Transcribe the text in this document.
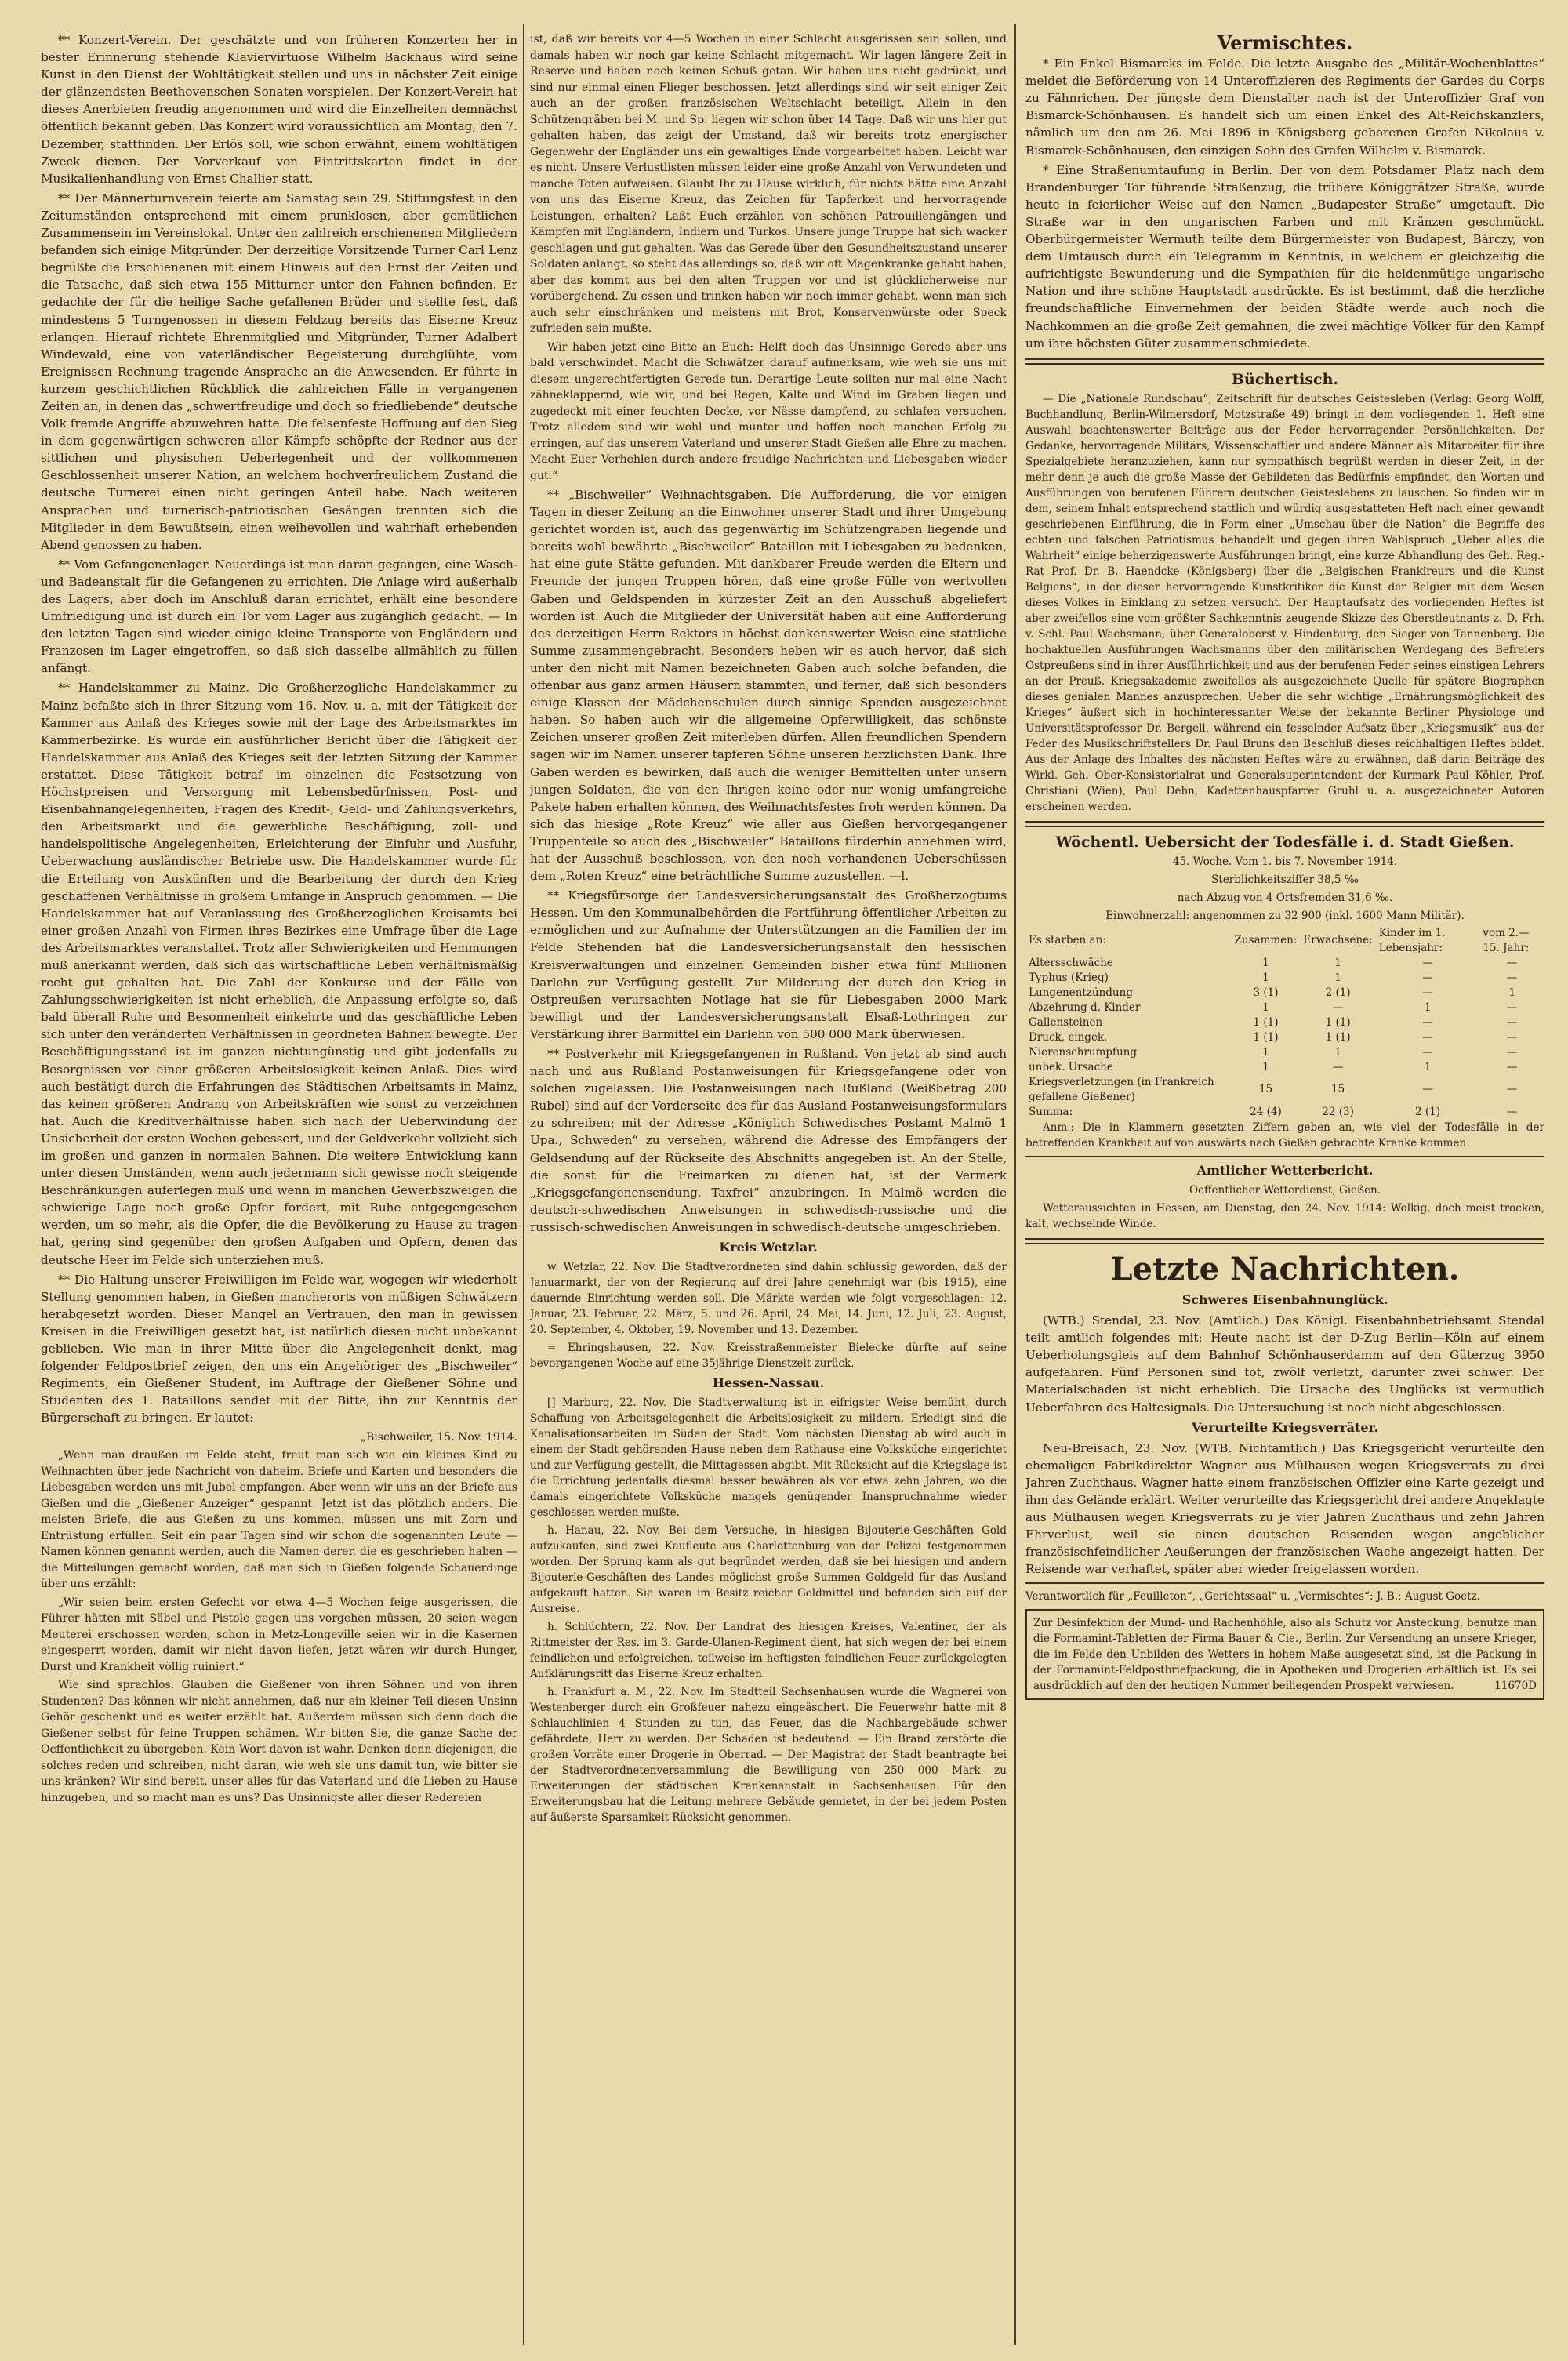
** Konzert-Verein. Der geschätzte und von früheren Konzerten her in bester Erinnerung stehende Klaviervirtuose Wilhelm Backhaus wird seine Kunst in den Dienst der Wohltätigkeit stellen und uns in nächster Zeit einige der glänzendsten Beethovenschen Sonaten vorspielen. Der Konzert-Verein hat dieses Anerbieten freudig angenommen und wird die Einzelheiten demnächst öffentlich bekannt geben. Das Konzert wird voraussichtlich am Montag, den 7. Dezember, stattfinden. Der Erlös soll, wie schon erwähnt, einem wohltätigen Zweck dienen. Der Vorverkauf von Eintrittskarten findet in der Musikalienhandlung von Ernst Challier statt.

** Der Männerturnverein feierte am Samstag sein 29. Stiftungsfest in den Zeitumständen entsprechend mit einem prunklosen, aber gemütlichen Zusammensein im Vereinslokal. Unter den zahlreich erschienenen Mitgliedern befanden sich einige Mitgründer. Der derzeitige Vorsitzende Turner Carl Lenz begrüßte die Erschienenen mit einem Hinweis auf den Ernst der Zeiten und die Tatsache, daß sich etwa 155 Mitturner unter den Fahnen befinden. Er gedachte der für die heilige Sache gefallenen Brüder und stellte fest, daß mindestens 5 Turngenossen in diesem Feldzug bereits das Eiserne Kreuz erlangen. Hierauf richtete Ehrenmitglied und Mitgründer, Turner Adalbert Windewald, eine von vaterländischer Begeisterung durchglühte, vom Ereignissen Rechnung tragende Ansprache an die Anwesenden. Er führte in kurzem geschichtlichen Rückblick die zahlreichen Fälle in vergangenen Zeiten an, in denen das „schwertfreudige und doch so friedliebende“ deutsche Volk fremde Angriffe abzuwehren hatte. Die felsenfeste Hoffnung auf den Sieg in dem gegenwärtigen schweren aller Kämpfe schöpfte der Redner aus der sittlichen und physischen Ueberlegenheit und der vollkommenen Geschlossenheit unserer Nation, an welchem hochverfreulichem Zustand die deutsche Turnerei einen nicht geringen Anteil habe. Nach weiteren Ansprachen und turnerisch-patriotischen Gesängen trennten sich die Mitglieder in dem Bewußtsein, einen weihevollen und wahrhaft erhebenden Abend genossen zu haben.

** Vom Gefangenenlager. Neuerdings ist man daran gegangen, eine Wasch- und Badeanstalt für die Gefangenen zu errichten. Die Anlage wird außerhalb des Lagers, aber doch im Anschluß daran errichtet, erhält eine besondere Umfriedigung und ist durch ein Tor vom Lager aus zugänglich gedacht. — In den letzten Tagen sind wieder einige kleine Transporte von Engländern und Franzosen im Lager eingetroffen, so daß sich dasselbe allmählich zu füllen anfängt.

** Handelskammer zu Mainz. Die Großherzogliche Handelskammer zu Mainz befaßte sich in ihrer Sitzung vom 16. Nov. u. a. mit der Tätigkeit der Kammer aus Anlaß des Krieges sowie mit der Lage des Arbeitsmarktes im Kammerbezirke. Es wurde ein ausführlicher Bericht über die Tätigkeit der Handelskammer aus Anlaß des Krieges seit der letzten Sitzung der Kammer erstattet. Diese Tätigkeit betraf im einzelnen die Festsetzung von Höchstpreisen und Versorgung mit Lebensbedürfnissen, Post- und Eisenbahnangelegenheiten, Fragen des Kredit-, Geld- und Zahlungsverkehrs, den Arbeitsmarkt und die gewerbliche Beschäftigung, zoll- und handelspolitische Angelegenheiten, Erleichterung der Einfuhr und Ausfuhr, Ueberwachung ausländischer Betriebe usw. Die Handelskammer wurde für die Erteilung von Auskünften und die Bearbeitung der durch den Krieg geschaffenen Verhältnisse in großem Umfange in Anspruch genommen. — Die Handelskammer hat auf Veranlassung des Großherzoglichen Kreisamts bei einer großen Anzahl von Firmen ihres Bezirkes eine Umfrage über die Lage des Arbeitsmarktes veranstaltet. Trotz aller Schwierigkeiten und Hemmungen muß anerkannt werden, daß sich das wirtschaftliche Leben verhältnismäßig recht gut gehalten hat. Die Zahl der Konkurse und der Fälle von Zahlungsschwierigkeiten ist nicht erheblich, die Anpassung erfolgte so, daß bald überall Ruhe und Besonnenheit einkehrte und das geschäftliche Leben sich unter den veränderten Verhältnissen in geordneten Bahnen bewegte. Der Beschäftigungsstand ist im ganzen nichtungünstig und gibt jedenfalls zu Besorgnissen vor einer größeren Arbeitslosigkeit keinen Anlaß. Dies wird auch bestätigt durch die Erfahrungen des Städtischen Arbeitsamts in Mainz, das keinen größeren Andrang von Arbeitskräften wie sonst zu verzeichnen hat. Auch die Kreditverhältnisse haben sich nach der Ueberwindung der Unsicherheit der ersten Wochen gebessert, und der Geldverkehr vollzieht sich im großen und ganzen in normalen Bahnen. Die weitere Entwicklung kann unter diesen Umständen, wenn auch jedermann sich gewisse noch steigende Beschränkungen auferlegen muß und wenn in manchen Gewerbszweigen die schwierige Lage noch große Opfer fordert, mit Ruhe entgegengesehen werden, um so mehr, als die Opfer, die die Bevölkerung zu Hause zu tragen hat, gering sind gegenüber den großen Aufgaben und Opfern, denen das deutsche Heer im Felde sich unterziehen muß.

** Die Haltung unserer Freiwilligen im Felde war, wogegen wir wiederholt Stellung genommen haben, in Gießen mancherorts von müßigen Schwätzern herabgesetzt worden. Dieser Mangel an Vertrauen, den man in gewissen Kreisen in die Freiwilligen gesetzt hat, ist natürlich diesen nicht unbekannt geblieben. Wie man in ihrer Mitte über die Angelegenheit denkt, mag folgender Feldpostbrief zeigen, den uns ein Angehöriger des „Bischweiler“ Regiments, ein Gießener Student, im Auftrage der Gießener Söhne und Studenten des 1. Bataillons sendet mit der Bitte, ihn zur Kenntnis der Bürgerschaft zu bringen. Er lautet:

„Bischweiler, 15. Nov. 1914.

„Wenn man draußen im Felde steht, freut man sich wie ein kleines Kind zu Weihnachten über jede Nachricht von daheim. Briefe und Karten und besonders die Liebesgaben werden uns mit Jubel empfangen. Aber wenn wir uns an der Briefe aus Gießen und die „Gießener Anzeiger“ gespannt. Jetzt ist das plötzlich anders. Die meisten Briefe, die aus Gießen zu uns kommen, müssen uns mit Zorn und Entrüstung erfüllen. Seit ein paar Tagen sind wir schon die sogenannten Leute — Namen können genannt werden, auch die Namen derer, die es geschrieben haben — die Mitteilungen gemacht worden, daß man sich in Gießen folgende Schauerdinge über uns erzählt:

„Wir seien beim ersten Gefecht vor etwa 4—5 Wochen feige ausgerissen, die Führer hätten mit Säbel und Pistole gegen uns vorgehen müssen, 20 seien wegen Meuterei erschossen worden, schon in Metz-Longeville seien wir in die Kasernen eingesperrt worden, damit wir nicht davon liefen, jetzt wären wir durch Hunger, Durst und Krankheit völlig ruiniert.“

Wie sind sprachlos. Glauben die Gießener von ihren Söhnen und von ihren Studenten? Das können wir nicht annehmen, daß nur ein kleiner Teil diesen Unsinn Gehör geschenkt und es weiter erzählt hat. Außerdem müssen sich denn doch die Gießener selbst für feine Truppen schämen. Wir bitten Sie, die ganze Sache der Oeffentlichkeit zu übergeben. Kein Wort davon ist wahr. Denken denn diejenigen, die solches reden und schreiben, nicht daran, wie weh sie uns damit tun, wie bitter sie uns kränken? Wir sind bereit, unser alles für das Vaterland und die Lieben zu Hause hinzugeben, und so macht man es uns? Das Unsinnigste aller dieser Redereien

ist, daß wir bereits vor 4—5 Wochen in einer Schlacht ausgerissen sein sollen, und damals haben wir noch gar keine Schlacht mitgemacht. Wir lagen längere Zeit in Reserve und haben noch keinen Schuß getan. Wir haben uns nicht gedrückt, und sind nur einmal einen Flieger beschossen. Jetzt allerdings sind wir seit einiger Zeit auch an der großen französischen Weltschlacht beteiligt. Allein in den Schützengräben bei M. und Sp. liegen wir schon über 14 Tage. Daß wir uns hier gut gehalten haben, das zeigt der Umstand, daß wir bereits trotz energischer Gegenwehr der Engländer uns ein gewaltiges Ende vorgearbeitet haben. Leicht war es nicht. Unsere Verlustlisten müssen leider eine große Anzahl von Verwundeten und manche Toten aufweisen. Glaubt Ihr zu Hause wirklich, für nichts hätte eine Anzahl von uns das Eiserne Kreuz, das Zeichen für Tapferkeit und hervorragende Leistungen, erhalten? Laßt Euch erzählen von schönen Patrouillengängen und Kämpfen mit Engländern, Indiern und Turkos. Unsere junge Truppe hat sich wacker geschlagen und gut gehalten. Was das Gerede über den Gesundheitszustand unserer Soldaten anlangt, so steht das allerdings so, daß wir oft Magenkranke gehabt haben, aber das kommt aus bei den alten Truppen vor und ist glücklicherweise nur vorübergehend. Zu essen und trinken haben wir noch immer gehabt, wenn man sich auch sehr einschränken und meistens mit Brot, Konservenwürste oder Speck zufrieden sein mußte.

Wir haben jetzt eine Bitte an Euch: Helft doch das Unsinnige Gerede aber uns bald verschwindet. Macht die Schwätzer darauf aufmerksam, wie weh sie uns mit diesem ungerechtfertigten Gerede tun. Derartige Leute sollten nur mal eine Nacht zähneklappernd, wie wir, und bei Regen, Kälte und Wind im Graben liegen und zugedeckt mit einer feuchten Decke, vor Nässe dampfend, zu schlafen versuchen. Trotz alledem sind wir wohl und munter und hoffen noch manchen Erfolg zu erringen, auf das unserem Vaterland und unserer Stadt Gießen alle Ehre zu machen. Macht Euer Verhehlen durch andere freudige Nachrichten und Liebesgaben wieder gut.“

** „Bischweiler“ Weihnachtsgaben. Die Aufforderung, die vor einigen Tagen in dieser Zeitung an die Einwohner unserer Stadt und ihrer Umgebung gerichtet worden ist, auch das gegenwärtig im Schützengraben liegende und bereits wohl bewährte „Bischweiler“ Bataillon mit Liebesgaben zu bedenken, hat eine gute Stätte gefunden. Mit dankbarer Freude werden die Eltern und Freunde der jungen Truppen hören, daß eine große Fülle von wertvollen Gaben und Geldspenden in kürzester Zeit an den Ausschuß abgeliefert worden ist. Auch die Mitglieder der Universität haben auf eine Aufforderung des derzeitigen Herrn Rektors in höchst dankenswerter Weise eine stattliche Summe zusammengebracht. Besonders heben wir es auch hervor, daß sich unter den nicht mit Namen bezeichneten Gaben auch solche befanden, die offenbar aus ganz armen Häusern stammten, und ferner, daß sich besonders einige Klassen der Mädchenschulen durch sinnige Spenden ausgezeichnet haben. So haben auch wir die allgemeine Opferwilligkeit, das schönste Zeichen unserer großen Zeit miterleben dürfen. Allen freundlichen Spendern sagen wir im Namen unserer tapferen Söhne unseren herzlichsten Dank. Ihre Gaben werden es bewirken, daß auch die weniger Bemittelten unter unsern jungen Soldaten, die von den Ihrigen keine oder nur wenig umfangreiche Pakete haben erhalten können, des Weihnachtsfestes froh werden können. Da sich das hiesige „Rote Kreuz“ wie aller aus Gießen hervorgegangener Truppenteile so auch des „Bischweiler“ Bataillons fürderhin annehmen wird, hat der Ausschuß beschlossen, von den noch vorhandenen Ueberschüssen dem „Roten Kreuz“ eine beträchtliche Summe zuzustellen. —l.

** Kriegsfürsorge der Landesversicherungsanstalt des Großherzogtums Hessen. Um den Kommunalbehörden die Fortführung öffentlicher Arbeiten zu ermöglichen und zur Aufnahme der Unterstützungen an die Familien der im Felde Stehenden hat die Landesversicherungsanstalt den hessischen Kreisverwaltungen und einzelnen Gemeinden bisher etwa fünf Millionen Darlehn zur Verfügung gestellt. Zur Milderung der durch den Krieg in Ostpreußen verursachten Notlage hat sie für Liebesgaben 2000 Mark bewilligt und der Landesversicherungsanstalt Elsaß-Lothringen zur Verstärkung ihrer Barmittel ein Darlehn von 500 000 Mark überwiesen.

** Postverkehr mit Kriegsgefangenen in Rußland. Von jetzt ab sind auch nach und aus Rußland Postanweisungen für Kriegsgefangene oder von solchen zugelassen. Die Postanweisungen nach Rußland (Weißbetrag 200 Rubel) sind auf der Vorderseite des für das Ausland Postanweisungsformulars zu schreiben; mit der Adresse „Königlich Schwedisches Postamt Malmö 1 Upa., Schweden“ zu versehen, während die Adresse des Empfängers der Geldsendung auf der Rückseite des Abschnitts angegeben ist. An der Stelle, die sonst für die Freimarken zu dienen hat, ist der Vermerk „Kriegsgefangenensendung. Taxfrei“ anzubringen. In Malmö werden die deutsch-schwedischen Anweisungen in schwedisch-russische und die russisch-schwedischen Anweisungen in schwedisch-deutsche umgeschrieben.

Kreis Wetzlar.

w. Wetzlar, 22. Nov. Die Stadtverordneten sind dahin schlüssig geworden, daß der Januarmarkt, der von der Regierung auf drei Jahre genehmigt war (bis 1915), eine dauernde Einrichtung werden soll. Die Märkte werden wie folgt vorgeschlagen: 12. Januar, 23. Februar, 22. März, 5. und 26. April, 24. Mai, 14. Juni, 12. Juli, 23. August, 20. September, 4. Oktober, 19. November und 13. Dezember.

= Ehringshausen, 22. Nov. Kreisstraßenmeister Bielecke dürfte auf seine bevorgangenen Woche auf eine 35jährige Dienstzeit zurück.

Hessen-Nassau.

[] Marburg, 22. Nov. Die Stadtverwaltung ist in eifrigster Weise bemüht, durch Schaffung von Arbeitsgelegenheit die Arbeitslosigkeit zu mildern. Erledigt sind die Kanalisationsarbeiten im Süden der Stadt. Vom nächsten Dienstag ab wird auch in einem der Stadt gehörenden Hause neben dem Rathause eine Volksküche eingerichtet und zur Verfügung gestellt, die Mittagessen abgibt. Mit Rücksicht auf die Kriegslage ist die Errichtung jedenfalls diesmal besser bewähren als vor etwa zehn Jahren, wo die damals eingerichtete Volksküche mangels genügender Inanspruchnahme wieder geschlossen werden mußte.

h. Hanau, 22. Nov. Bei dem Versuche, in hiesigen Bijouterie-Geschäften Gold aufzukaufen, sind zwei Kaufleute aus Charlottenburg von der Polizei festgenommen worden. Der Sprung kann als gut begründet werden, daß sie bei hiesigen und andern Bijouterie-Geschäften des Landes möglichst große Summen Goldgeld für das Ausland aufgekauft hatten. Sie waren im Besitz reicher Geldmittel und befanden sich auf der Ausreise.

h. Schlüchtern, 22. Nov. Der Landrat des hiesigen Kreises, Valentiner, der als Rittmeister der Res. im 3. Garde-Ulanen-Regiment dient, hat sich wegen der bei einem feindlichen und erfolgreichen, teilweise im heftigsten feindlichen Feuer zurückgelegten Aufklärungsritt das Eiserne Kreuz erhalten.

h. Frankfurt a. M., 22. Nov. Im Stadtteil Sachsenhausen wurde die Wagnerei von Westenberger durch ein Großfeuer nahezu eingeäschert. Die Feuerwehr hatte mit 8 Schlauchlinien 4 Stunden zu tun, das Feuer, das die Nachbargebäude schwer gefährdete, Herr zu werden. Der Schaden ist bedeutend. — Ein Brand zerstörte die großen Vorräte einer Drogerie in Oberrad. — Der Magistrat der Stadt beantragte bei der Stadtverordnetenversammlung die Bewilligung von 250 000 Mark zu Erweiterungen der städtischen Krankenanstalt in Sachsenhausen. Für den Erweiterungsbau hat die Leitung mehrere Gebäude gemietet, in der bei jedem Posten auf äußerste Sparsamkeit Rücksicht genommen.

Vermischtes.

* Ein Enkel Bismarcks im Felde. Die letzte Ausgabe des „Militär-Wochenblattes“ meldet die Beförderung von 14 Unteroffizieren des Regiments der Gardes du Corps zu Fähnrichen. Der jüngste dem Dienstalter nach ist der Unteroffizier Graf von Bismarck-Schönhausen. Es handelt sich um einen Enkel des Alt-Reichskanzlers, nämlich um den am 26. Mai 1896 in Königsberg geborenen Grafen Nikolaus v. Bismarck-Schönhausen, den einzigen Sohn des Grafen Wilhelm v. Bismarck.

* Eine Straßenumtaufung in Berlin. Der von dem Potsdamer Platz nach dem Brandenburger Tor führende Straßenzug, die frühere Königgrätzer Straße, wurde heute in feierlicher Weise auf den Namen „Budapester Straße“ umgetauft. Die Straße war in den ungarischen Farben und mit Kränzen geschmückt. Oberbürgermeister Wermuth teilte dem Bürgermeister von Budapest, Bárczy, von dem Umtausch durch ein Telegramm in Kenntnis, in welchem er gleichzeitig die aufrichtigste Bewunderung und die Sympathien für die heldenmütige ungarische Nation und ihre schöne Hauptstadt ausdrückte. Es ist bestimmt, daß die herzliche freundschaftliche Einvernehmen der beiden Städte werde auch noch die Nachkommen an die große Zeit gemahnen, die zwei mächtige Völker für den Kampf um ihre höchsten Güter zusammenschmiedete.

Büchertisch.

— Die „Nationale Rundschau“, Zeitschrift für deutsches Geistesleben (Verlag: Georg Wolff, Buchhandlung, Berlin-Wilmersdorf, Motzstraße 49) bringt in dem vorliegenden 1. Heft eine Auswahl beachtenswerter Beiträge aus der Feder hervorragender Persönlichkeiten. Der Gedanke, hervorragende Militärs, Wissenschaftler und andere Männer als Mitarbeiter für ihre Spezialgebiete heranzuziehen, kann nur sympathisch begrüßt werden in dieser Zeit, in der mehr denn je auch die große Masse der Gebildeten das Bedürfnis empfindet, den Worten und Ausführungen von berufenen Führern deutschen Geisteslebens zu lauschen. So finden wir in dem, seinem Inhalt entsprechend stattlich und würdig ausgestatteten Heft nach einer gewandt geschriebenen Einführung, die in Form einer „Umschau über die Nation“ die Begriffe des echten und falschen Patriotismus behandelt und gegen ihren Wahlspruch „Ueber alles die Wahrheit“ einige beherzigenswerte Ausführungen bringt, eine kurze Abhandlung des Geh. Reg.-Rat Prof. Dr. B. Haendcke (Königsberg) über die „Belgischen Frankireurs und die Kunst Belgiens“, in der dieser hervorragende Kunstkritiker die Kunst der Belgier mit dem Wesen dieses Volkes in Einklang zu setzen versucht. Der Hauptaufsatz des vorliegenden Heftes ist aber zweifellos eine vom größter Sachkenntnis zeugende Skizze des Oberstleutnants z. D. Frh. v. Schl. Paul Wachsmann, über Generaloberst v. Hindenburg, den Sieger von Tannenberg. Die hochaktuellen Ausführungen Wachsmanns über den militärischen Werdegang des Befreiers Ostpreußens sind in ihrer Ausführlichkeit und aus der berufenen Feder seines einstigen Lehrers an der Preuß. Kriegsakademie zweifellos als ausgezeichnete Quelle für spätere Biographen dieses genialen Mannes anzusprechen. Ueber die sehr wichtige „Ernährungsmöglichkeit des Krieges“ äußert sich in hochinteressanter Weise der bekannte Berliner Physiologe und Universitätsprofessor Dr. Bergell, während ein fesselnder Aufsatz über „Kriegsmusik“ aus der Feder des Musikschriftstellers Dr. Paul Bruns den Beschluß dieses reichhaltigen Heftes bildet. Aus der Anlage des Inhaltes des nächsten Heftes wäre zu erwähnen, daß darin Beiträge des Wirkl. Geh. Ober-Konsistorialrat und Generalsuperintendent der Kurmark Paul Köhler, Prof. Christiani (Wien), Paul Dehn, Kadettenhauspfarrer Gruhl u. a. ausgezeichneter Autoren erscheinen werden.

Wöchentl. Uebersicht der Todesfälle i. d. Stadt Gießen.

45. Woche. Vom 1. bis 7. November 1914.

Sterblichkeitsziffer 38,5 ‰

nach Abzug von 4 Ortsfremden 31,6 ‰.

Einwohnerzahl: angenommen zu 32 900 (inkl. 1600 Mann Militär).

Es starben an:	Zusammen:	Erwachsene:	Kinder im 1. Lebensjahr:	vom 2.—15. Jahr:
Altersschwäche	1	1	—	—
Typhus (Krieg)	1	1	—	—
Lungenentzündung	3 (1)	2 (1)	—	1
Abzehrung d. Kinder	1	—	1	—
Gallensteinen	1 (1)	1 (1)	—	—
Druck, eingek.	1 (1)	1 (1)	—	—
Nierenschrumpfung	1	1	—	—
unbek. Ursache	1	—	1	—
Kriegsverletzungen (in Frankreich gefallene Gießener)	15	15	—	—
Summa:	24 (4)	22 (3)	2 (1)	—

Anm.: Die in Klammern gesetzten Ziffern geben an, wie viel der Todesfälle in der betreffenden Krankheit auf von auswärts nach Gießen gebrachte Kranke kommen.

Amtlicher Wetterbericht.

Oeffentlicher Wetterdienst, Gießen.

Wetteraussichten in Hessen, am Dienstag, den 24. Nov. 1914: Wolkig, doch meist trocken, kalt, wechselnde Winde.

Letzte Nachrichten.
Schweres Eisenbahnunglück.

(WTB.) Stendal, 23. Nov. (Amtlich.) Das Königl. Eisenbahnbetriebsamt Stendal teilt amtlich folgendes mit: Heute nacht ist der D-Zug Berlin—Köln auf einem Ueberholungsgleis auf dem Bahnhof Schönhauserdamm auf den Güterzug 3950 aufgefahren. Fünf Personen sind tot, zwölf verletzt, darunter zwei schwer. Der Materialschaden ist nicht erheblich. Die Ursache des Unglücks ist vermutlich Ueberfahren des Haltesignals. Die Untersuchung ist noch nicht abgeschlossen.

Verurteilte Kriegsverräter.

Neu-Breisach, 23. Nov. (WTB. Nichtamtlich.) Das Kriegsgericht verurteilte den ehemaligen Fabrikdirektor Wagner aus Mülhausen wegen Kriegsverrats zu drei Jahren Zuchthaus. Wagner hatte einem französischen Offizier eine Karte gezeigt und ihm das Gelände erklärt. Weiter verurteilte das Kriegsgericht drei andere Angeklagte aus Mülhausen wegen Kriegsverrats zu je vier Jahren Zuchthaus und zehn Jahren Ehrverlust, weil sie einen deutschen Reisenden wegen angeblicher französischfeindlicher Aeußerungen der französischen Wache angezeigt hatten. Der Reisende war verhaftet, später aber wieder freigelassen worden.

Verantwortlich für „Feuilleton“, „Gerichtssaal“ u. „Vermischtes“: J. B.: August Goetz.

Zur Desinfektion der Mund- und Rachenhöhle, also als Schutz vor Ansteckung, benutze man die Formamint-Tabletten der Firma Bauer & Cie., Berlin. Zur Versendung an unsere Krieger, die im Felde den Unbilden des Wetters in hohem Maße ausgesetzt sind, ist die Packung in der Formamint-Feldpostbriefpackung, die in Apotheken und Drogerien erhältlich ist. Es sei ausdrücklich auf den der heutigen Nummer beiliegenden Prospekt verwiesen.	11670D
